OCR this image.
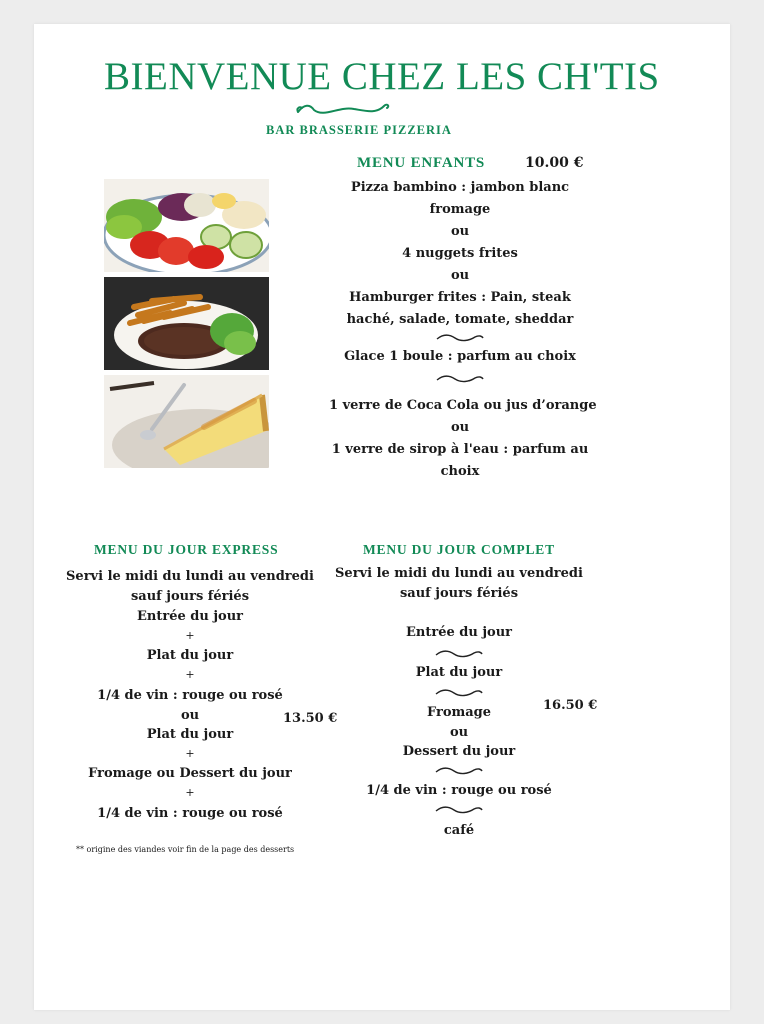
BIENVENUE CHEZ LES CH'TIS
BAR BRASSERIE PIZZERIA
MENU ENFANTS	10.00 €
Pizza bambino : jambon blanc
fromage
ou
4 nuggets frites
ou
Hamburger frites : Pain, steak
haché, salade, tomate, sheddar
Glace 1 boule : parfum au choix
1 verre de Coca Cola ou jus d’orange
ou
1 verre de sirop à l'eau : parfum au
choix
MENU DU JOUR EXPRESS
Servi le midi du lundi au vendredi
sauf jours fériés
Entrée du jour
+
Plat du jour
+
1/4 de vin : rouge ou rosé
ou
Plat du jour
+
Fromage ou Dessert du jour
+
1/4 de vin : rouge ou rosé
13.50 €
MENU DU JOUR COMPLET
Servi le midi du lundi au vendredi
sauf jours fériés
Entrée du jour
Plat du jour
Fromage
ou
Dessert du jour
1/4 de vin : rouge ou rosé
café
16.50 €
** origine des viandes voir fin de la page des desserts
